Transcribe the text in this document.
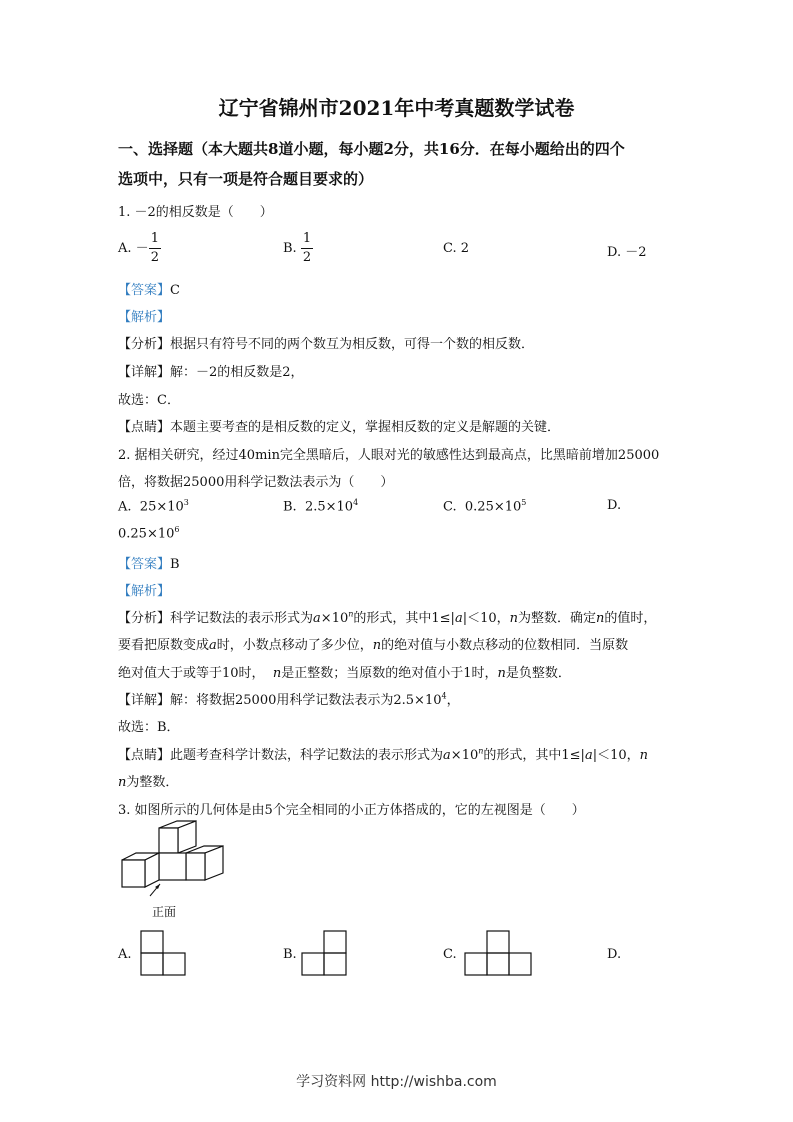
辽宁省锦州市2021年中考真题数学试卷
一、选择题（本大题共8道小题，每小题2分，共16分．在每小题给出的四个
选项中，只有一项是符合题目要求的）
1. －2的相反数是（　　）
A. － $\frac{1}{2}$	B. $\frac{1}{2}$	C. 2	D. －2
【答案】C
【解析】
【分析】根据只有符号不同的两个数互为相反数，可得一个数的相反数．
【详解】解：－2的相反数是2，
故选：C．
【点睛】本题主要考查的是相反数的定义，掌握相反数的定义是解题的关键．
2. 据相关研究，经过40min完全黑暗后，人眼对光的敏感性达到最高点，比黑暗前增加25000
倍，将数据25000用科学记数法表示为（　　）
A. $25\times 10^3$	B. $2.5\times 10^4$	C. $0.25\times 10^5$	D.
$0.25\times 10^6$
【答案】B
【解析】
【分析】科学记数法的表示形式为$a\times 10^n$的形式，其中1≤|a|＜10，n为整数．确定n的值时，
要看把原数变成a时，小数点移动了多少位，n的绝对值与小数点移动的位数相同．当原数
绝对值大于或等于10时， n是正整数；当原数的绝对值小于1时，n是负整数．
【详解】解：将数据25000用科学记数法表示为$2.5\times 10^4$，
故选：B．
【点睛】此题考查科学计数法，科学记数法的表示形式为$a\times 10^n$的形式，其中1≤|a|＜10，n
n为整数．
3. 如图所示的几何体是由5个完全相同的小正方体搭成的，它的左视图是（　　）
正面
A.	B.	C.	D.
学习资料网 http://wishba.com
